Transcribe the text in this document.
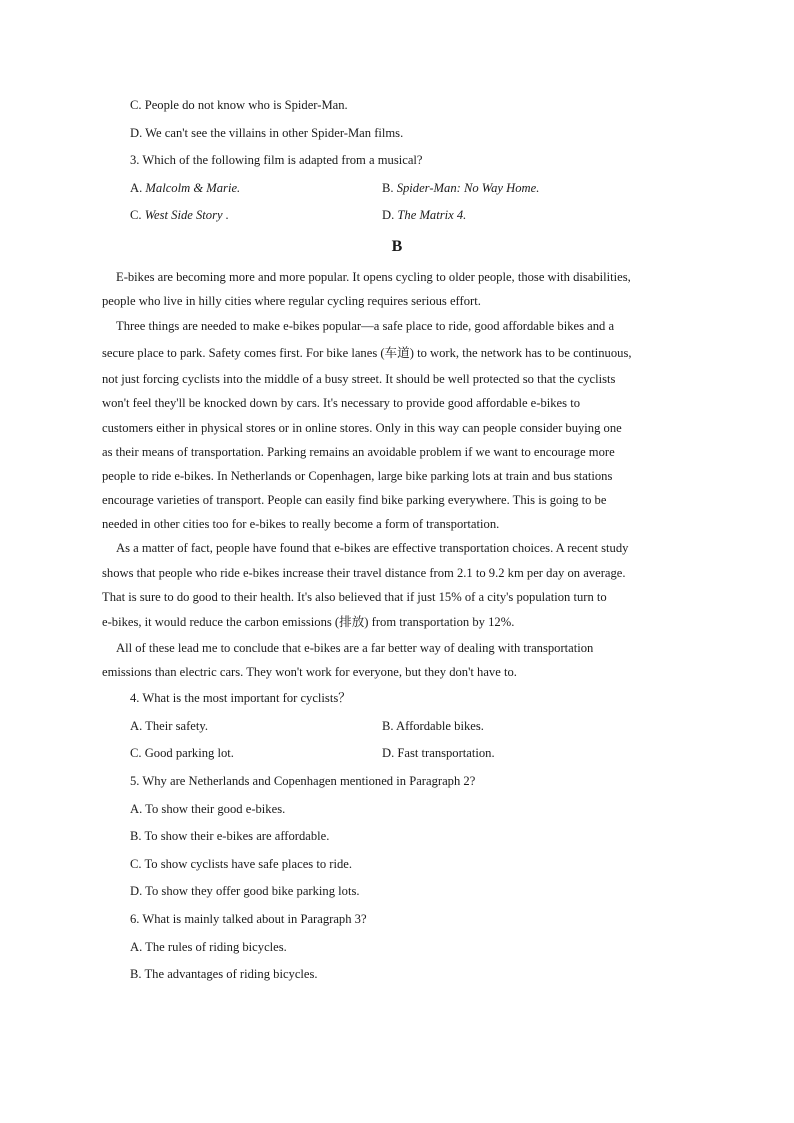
C. People do not know who is Spider-Man.
D. We can't see the villains in other Spider-Man films.
3. Which of the following film is adapted from a musical?
A. Malcolm & Marie.	B. Spider-Man: No Way Home.
C. West Side Story .	D. The Matrix 4.
B
E-bikes are becoming more and more popular. It opens cycling to older people, those with disabilities,
people who live in hilly cities where regular cycling requires serious effort.
Three things are needed to make e-bikes popular—a safe place to ride, good affordable bikes and a
secure place to park. Safety comes first. For bike lanes (车道) to work, the network has to be continuous,
not just forcing cyclists into the middle of a busy street. It should be well protected so that the cyclists
won't feel they'll be knocked down by cars. It's necessary to provide good affordable e-bikes to
customers either in physical stores or in online stores. Only in this way can people consider buying one
as their means of transportation. Parking remains an avoidable problem if we want to encourage more
people to ride e-bikes. In Netherlands or Copenhagen, large bike parking lots at train and bus stations
encourage varieties of transport. People can easily find bike parking everywhere. This is going to be
needed in other cities too for e-bikes to really become a form of transportation.
As a matter of fact, people have found that e-bikes are effective transportation choices. A recent study
shows that people who ride e-bikes increase their travel distance from 2.1 to 9.2 km per day on average.
That is sure to do good to their health. It's also believed that if just 15% of a city's population turn to
e-bikes, it would reduce the carbon emissions (排放) from transportation by 12%.
All of these lead me to conclude that e-bikes are a far better way of dealing with transportation
emissions than electric cars. They won't work for everyone, but they don't have to.
4. What is the most important for cyclists？
A. Their safety.	B. Affordable bikes.
C. Good parking lot.	D. Fast transportation.
5. Why are Netherlands and Copenhagen mentioned in Paragraph 2?
A. To show their good e-bikes.
B. To show their e-bikes are affordable.
C. To show cyclists have safe places to ride.
D. To show they offer good bike parking lots.
6. What is mainly talked about in Paragraph 3?
A. The rules of riding bicycles.
B. The advantages of riding bicycles.
